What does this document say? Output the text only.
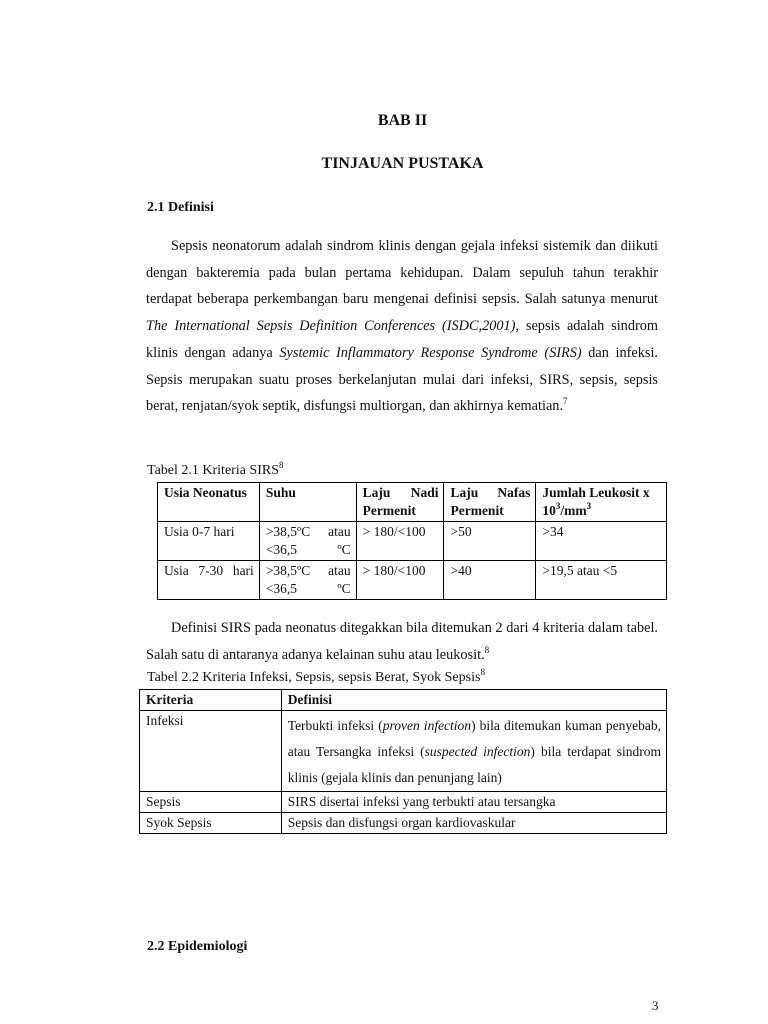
BAB II
TINJAUAN PUSTAKA
2.1 Definisi

Sepsis neonatorum adalah sindrom klinis dengan gejala infeksi sistemik dan diikuti dengan bakteremia pada bulan pertama kehidupan. Dalam sepuluh tahun terakhir terdapat beberapa perkembangan baru mengenai definisi sepsis. Salah satunya menurut The International Sepsis Definition Conferences (ISDC,2001), sepsis adalah sindrom klinis dengan adanya Systemic Inflammatory Response Syndrome (SIRS) dan infeksi. Sepsis merupakan suatu proses berkelanjutan mulai dari infeksi, SIRS, sepsis, sepsis berat, renjatan/syok septik, disfungsi multiorgan, dan akhirnya kematian.$^7$

Tabel 2.1 Kriteria SIRS$^8$
Usia Neonatus	Suhu	Laju Nadi Permenit	Laju Nafas Permenit	Jumlah Leukosit x $10^3/mm^3$
Usia 0-7 hari	>38,5ºC atau <36,5 ºC	> 180/<100	>50	>34
Usia 7-30 hari	>38,5ºC atau <36,5 ºC	> 180/<100	>40	>19,5 atau <5

Definisi SIRS pada neonatus ditegakkan bila ditemukan 2 dari 4 kriteria dalam tabel. Salah satu di antaranya adanya kelainan suhu atau leukosit.$^8$

Tabel 2.2 Kriteria Infeksi, Sepsis, sepsis Berat, Syok Sepsis$^8$
Kriteria	Definisi
Infeksi	Terbukti infeksi (proven infection) bila ditemukan kuman penyebab, atau Tersangka infeksi (suspected infection) bila terdapat sindrom klinis (gejala klinis dan penunjang lain)
Sepsis	SIRS disertai infeksi yang terbukti atau tersangka
Syok Sepsis	Sepsis dan disfungsi organ kardiovaskular
2.2 Epidemiologi
3
